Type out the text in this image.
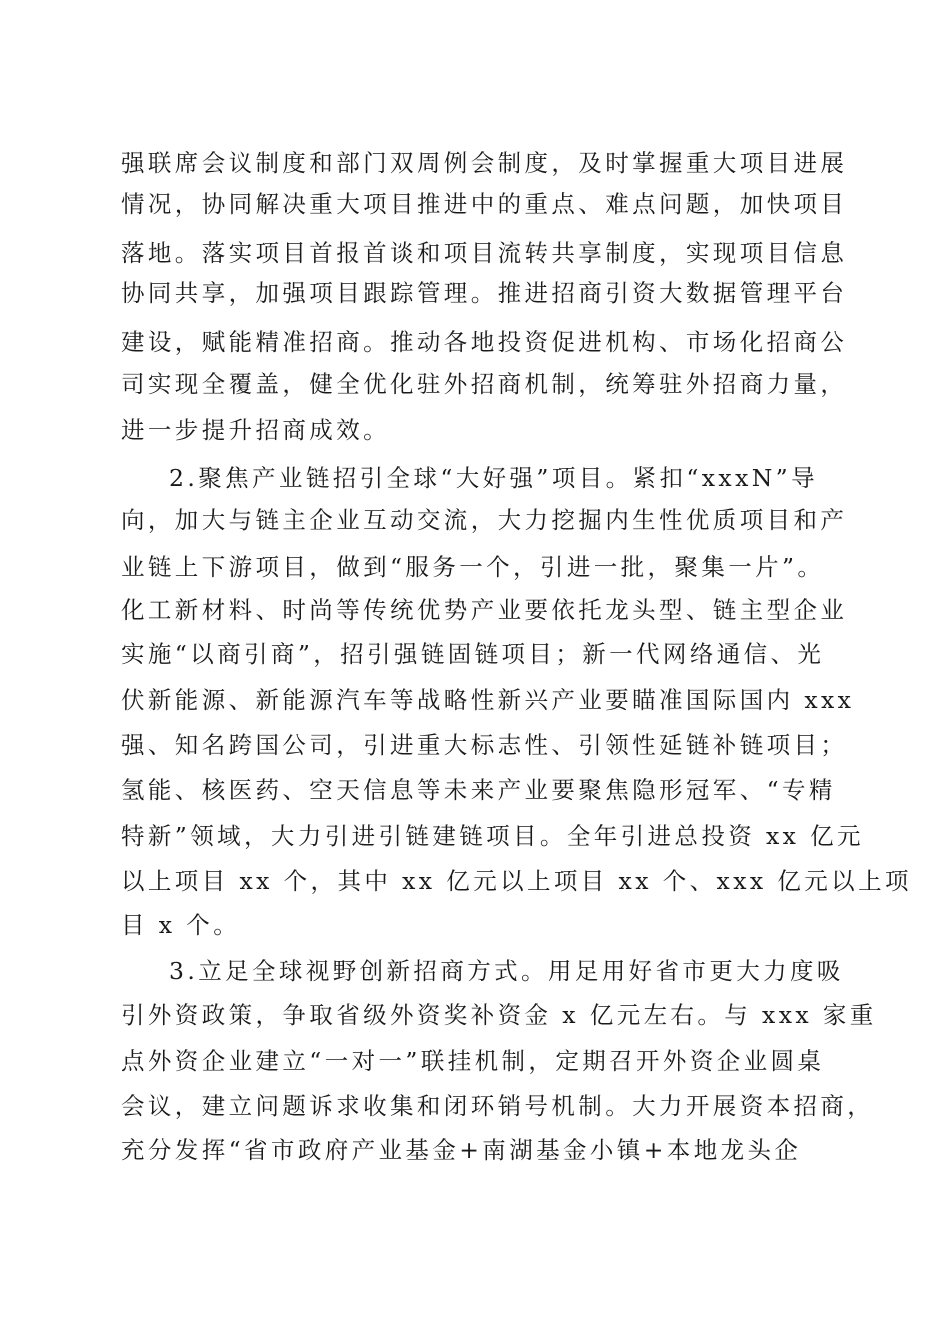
强联席会议制度和部门双周例会制度，及时掌握重大项目进展
情况，协同解决重大项目推进中的重点、难点问题，加快项目
落地。落实项目首报首谈和项目流转共享制度，实现项目信息
协同共享，加强项目跟踪管理。推进招商引资大数据管理平台
建设，赋能精准招商。推动各地投资促进机构、市场化招商公
司实现全覆盖，健全优化驻外招商机制，统筹驻外招商力量，
进一步提升招商成效。
2.聚焦产业链招引全球“大好强”项目。紧扣“xxxN”导
向，加大与链主企业互动交流，大力挖掘内生性优质项目和产
业链上下游项目，做到“服务一个，引进一批，聚集一片”。
化工新材料、时尚等传统优势产业要依托龙头型、链主型企业
实施“以商引商”，招引强链固链项目；新一代网络通信、光
伏新能源、新能源汽车等战略性新兴产业要瞄准国际国内 xxx
强、知名跨国公司，引进重大标志性、引领性延链补链项目；
氢能、核医药、空天信息等未来产业要聚焦隐形冠军、“专精
特新”领域，大力引进引链建链项目。全年引进总投资 xx 亿元
以上项目 xx 个，其中 xx 亿元以上项目 xx 个、xxx 亿元以上项
目 x 个。
3.立足全球视野创新招商方式。用足用好省市更大力度吸
引外资政策，争取省级外资奖补资金 x 亿元左右。与 xxx 家重
点外资企业建立“一对一”联挂机制，定期召开外资企业圆桌
会议，建立问题诉求收集和闭环销号机制。大力开展资本招商，
充分发挥“省市政府产业基金+南湖基金小镇+本地龙头企
